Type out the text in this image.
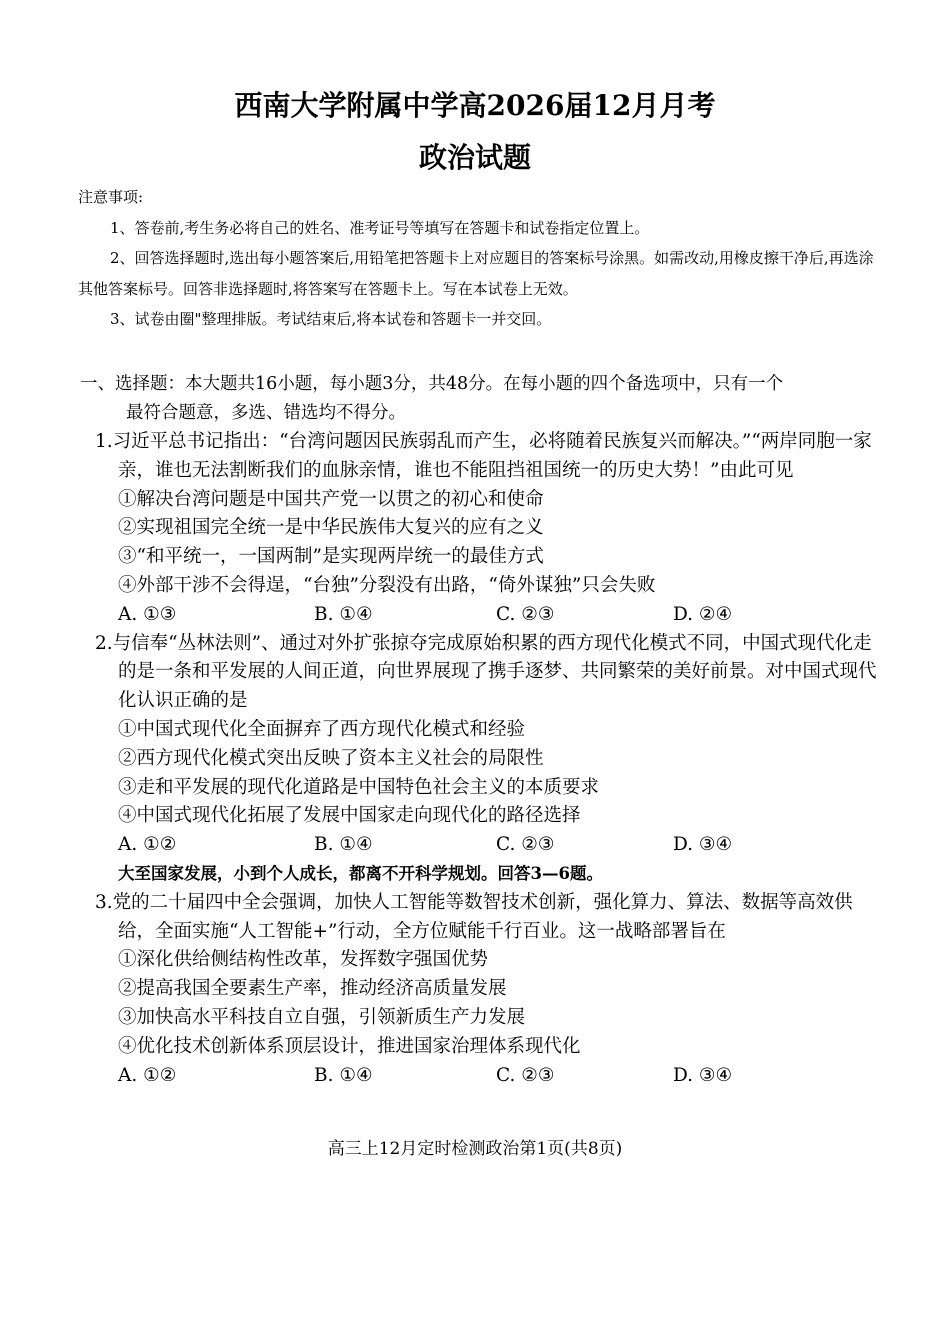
西南大学附属中学高2026届12月月考
政治试题
注意事项:
1、答卷前,考生务必将自己的姓名、准考证号等填写在答题卡和试卷指定位置上。
2、回答选择题时,选出每小题答案后,用铅笔把答题卡上对应题目的答案标号涂黑。如需改动,用橡皮擦干净后,再选涂其他答案标号。回答非选择题时,将答案写在答题卡上。写在本试卷上无效。
3、试卷由圈"整理排版。考试结束后,将本试卷和答题卡一并交回。
一、选择题：本大题共16小题，每小题3分，共48分。在每小题的四个备选项中，只有一个
最符合题意，多选、错选均不得分。
1.习近平总书记指出：“台湾问题因民族弱乱而产生，必将随着民族复兴而解决。”“两岸同胞一家亲，谁也无法割断我们的血脉亲情，谁也不能阻挡祖国统一的历史大势！”由此可见
①解决台湾问题是中国共产党一以贯之的初心和使命
②实现祖国完全统一是中华民族伟大复兴的应有之义
③“和平统一，一国两制”是实现两岸统一的最佳方式
④外部干涉不会得逞，“台独”分裂没有出路，“倚外谋独”只会失败
A. ①③	B. ①④	C. ②③	D. ②④
2.与信奉“丛林法则”、通过对外扩张掠夺完成原始积累的西方现代化模式不同，中国式现代化走的是一条和平发展的人间正道，向世界展现了携手逐梦、共同繁荣的美好前景。对中国式现代化认识正确的是
①中国式现代化全面摒弃了西方现代化模式和经验
②西方现代化模式突出反映了资本主义社会的局限性
③走和平发展的现代化道路是中国特色社会主义的本质要求
④中国式现代化拓展了发展中国家走向现代化的路径选择
A. ①②	B. ①④	C. ②③	D. ③④
大至国家发展，小到个人成长，都离不开科学规划。回答3—6题。
3.党的二十届四中全会强调，加快人工智能等数智技术创新，强化算力、算法、数据等高效供给，全面实施“人工智能+”行动，全方位赋能千行百业。这一战略部署旨在
①深化供给侧结构性改革，发挥数字强国优势
②提高我国全要素生产率，推动经济高质量发展
③加快高水平科技自立自强，引领新质生产力发展
④优化技术创新体系顶层设计，推进国家治理体系现代化
A. ①②	B. ①④	C. ②③	D. ③④
高三上12月定时检测政治第1页(共8页)
